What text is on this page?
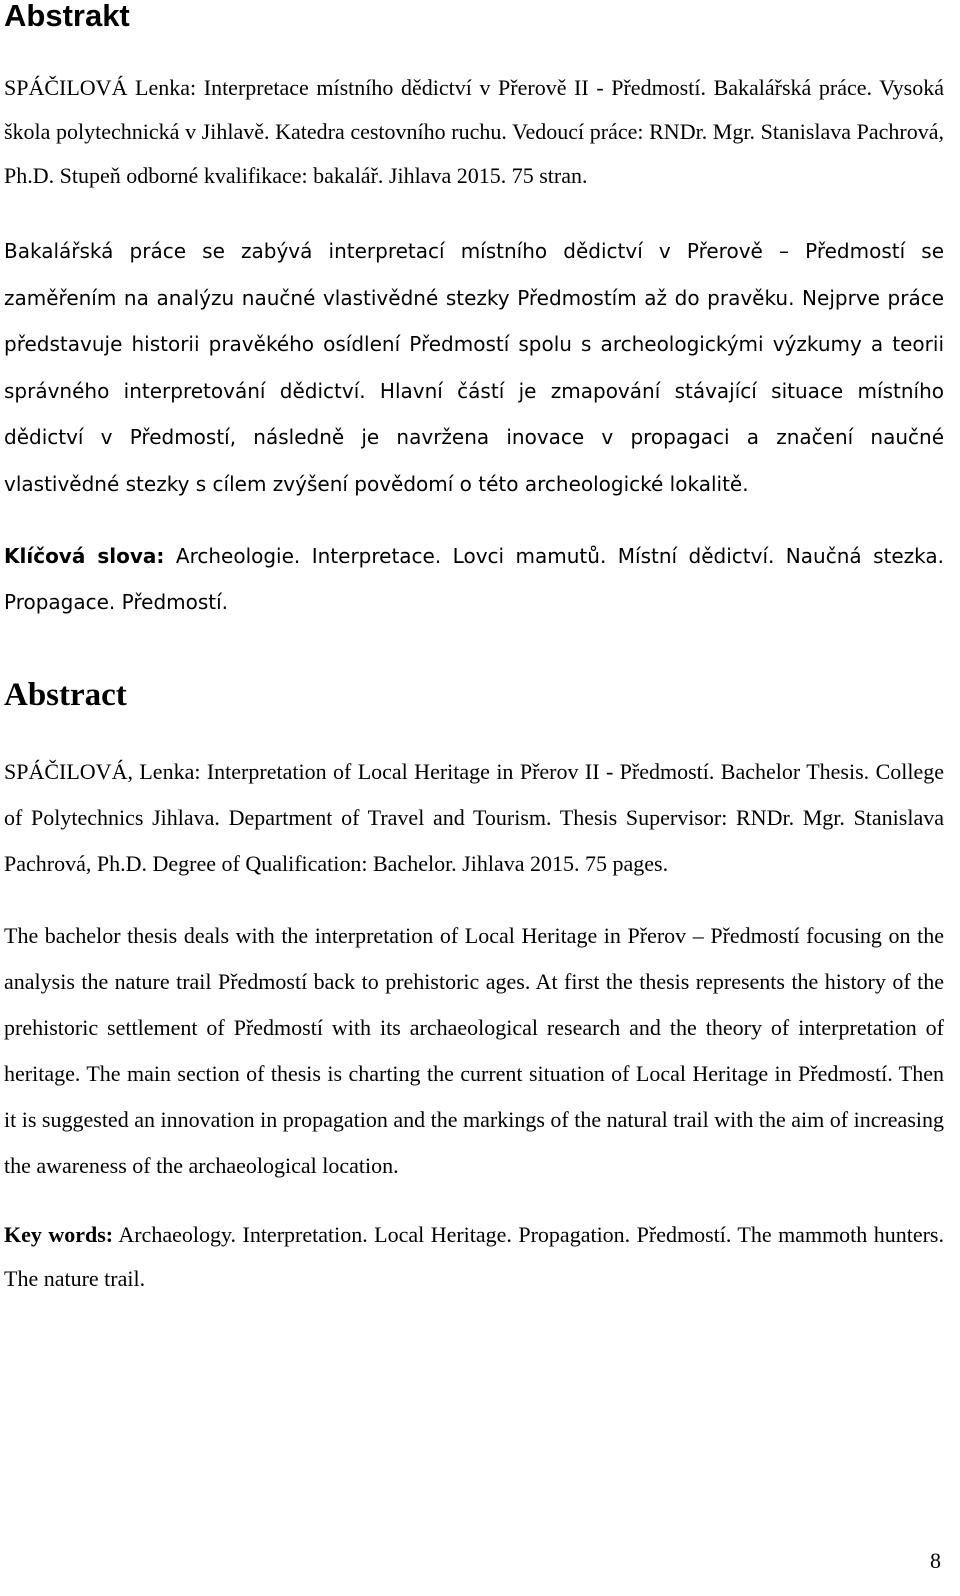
Abstrakt

SPÁČILOVÁ Lenka: Interpretace místního dědictví v Přerově II - Předmostí. Bakalářská práce. Vysoká škola polytechnická v Jihlavě. Katedra cestovního ruchu. Vedoucí práce: RNDr. Mgr. Stanislava Pachrová, Ph.D. Stupeň odborné kvalifikace: bakalář. Jihlava 2015. 75 stran.

Bakalářská práce se zabývá interpretací místního dědictví v Přerově – Předmostí se zaměřením na analýzu naučné vlastivědné stezky Předmostím až do pravěku. Nejprve práce představuje historii pravěkého osídlení Předmostí spolu s archeologickými výzkumy a teorii správného interpretování dědictví. Hlavní částí je zmapování stávající situace místního dědictví v Předmostí, následně je navržena inovace v propagaci a značení naučné vlastivědné stezky s cílem zvýšení povědomí o této archeologické lokalitě.

Klíčová slova: Archeologie. Interpretace. Lovci mamutů. Místní dědictví. Naučná stezka. Propagace. Předmostí.

Abstract

SPÁČILOVÁ, Lenka: Interpretation of Local Heritage in Přerov II - Předmostí. Bachelor Thesis. College of Polytechnics Jihlava. Department of Travel and Tourism. Thesis Supervisor: RNDr. Mgr. Stanislava Pachrová, Ph.D. Degree of Qualification: Bachelor. Jihlava 2015. 75 pages.

The bachelor thesis deals with the interpretation of Local Heritage in Přerov – Předmostí focusing on the analysis the nature trail Předmostí back to prehistoric ages. At first the thesis represents the history of the prehistoric settlement of Předmostí with its archaeological research and the theory of interpretation of heritage. The main section of thesis is charting the current situation of Local Heritage in Předmostí. Then it is suggested an innovation in propagation and the markings of the natural trail with the aim of increasing the awareness of the archaeological location.

Key words: Archaeology. Interpretation. Local Heritage. Propagation. Předmostí. The mammoth hunters. The nature trail.

8
